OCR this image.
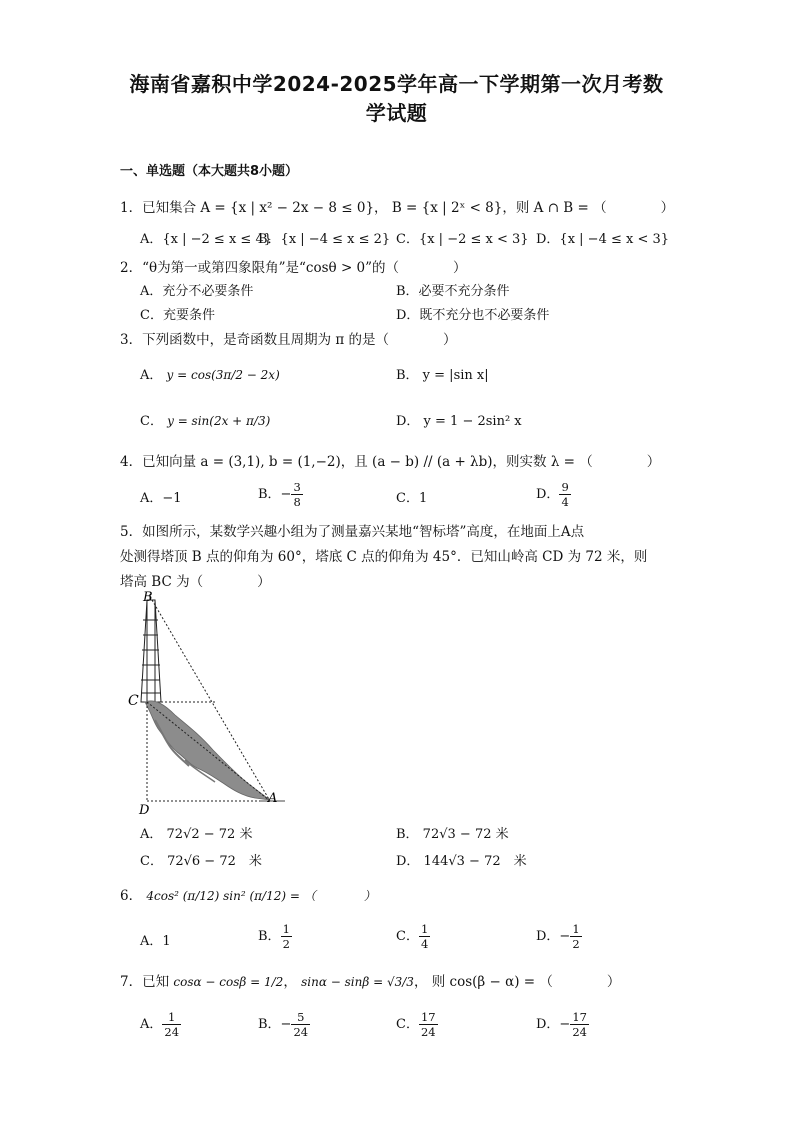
海南省嘉积中学2024-2025学年高一下学期第一次月考数
学试题
一、单选题（本大题共8小题）
1．已知集合 A = {x | x² − 2x − 8 ≤ 0}， B = {x | 2ˣ < 8}，则 A ∩ B = （　　　　）
A．{x | −2 ≤ x ≤ 4}
B．{x | −4 ≤ x ≤ 2} C．{x | −2 ≤ x < 3} D．{x | −4 ≤ x < 3}
2．“θ为第一或第四象限角”是“cosθ > 0”的（　　　　）
A．充分不必要条件	B．必要不充分条件
C．充要条件	D．既不充分也不必要条件
3．下列函数中，是奇函数且周期为 π 的是（　　　　）
A． y = cos(3π/2 − 2x)	B． y = |sin x|
C． y = sin(2x + π/3)	D． y = 1 − 2sin² x
4．已知向量 a = (3,1), b = (1,−2)，且 (a − b) // (a + λb)，则实数 λ = （　　　　）
A．−1	B．− $\frac{3}{8}$	C．1	D． $\frac{9}{4}$
5．如图所示，某数学兴趣小组为了测量嘉兴某地“智标塔”高度，在地面上A点
处测得塔顶 B 点的仰角为 60°，塔底 C 点的仰角为 45°．已知山岭高 CD 为 72 米，则
塔高 BC 为（　　　　）
B
C
D
A
A． 72√2 − 72 米	B． 72√3 − 72 米
C． 72√6 − 72　米	D． 144√3 − 72　米
6． 4cos² (π/12) sin² (π/12) = （　　　　）
A．1	B． $\frac{1}{2}$	C． $\frac{1}{4}$	D．− $\frac{1}{2}$
7．已知 cosα − cosβ = 1/2， sinα − sinβ = √3/3， 则 cos(β − α) = （　　　　）
A． $\frac{1}{24}$	B．− $\frac{5}{24}$	C． $\frac{17}{24}$	D．− $\frac{17}{24}$
